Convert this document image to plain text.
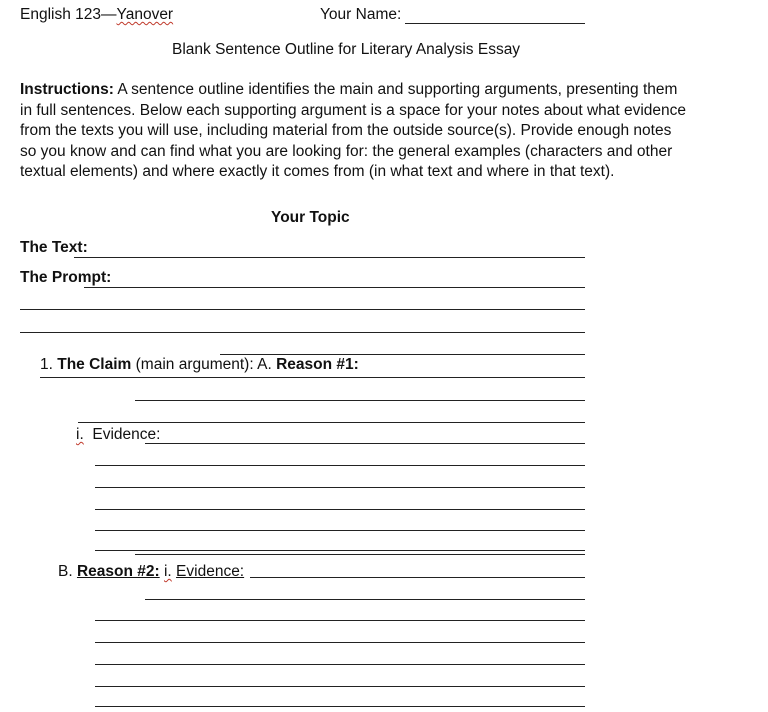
English 123—Yanover	Your Name:
Blank Sentence Outline for Literary Analysis Essay

Instructions: A sentence outline identifies the main and supporting arguments, presenting them

in full sentences. Below each supporting argument is a space for your notes about what evidence

from the texts you will use, including material from the outside source(s). Provide enough notes

so you know and can find what you are looking for: the general examples (characters and other

textual elements) and where exactly it comes from (in what text and where in that text).

Your Topic
The Text:
The Prompt:
1. The Claim (main argument): A. Reason #1:
i. Evidence:
B. Reason #2: i. Evidence:
